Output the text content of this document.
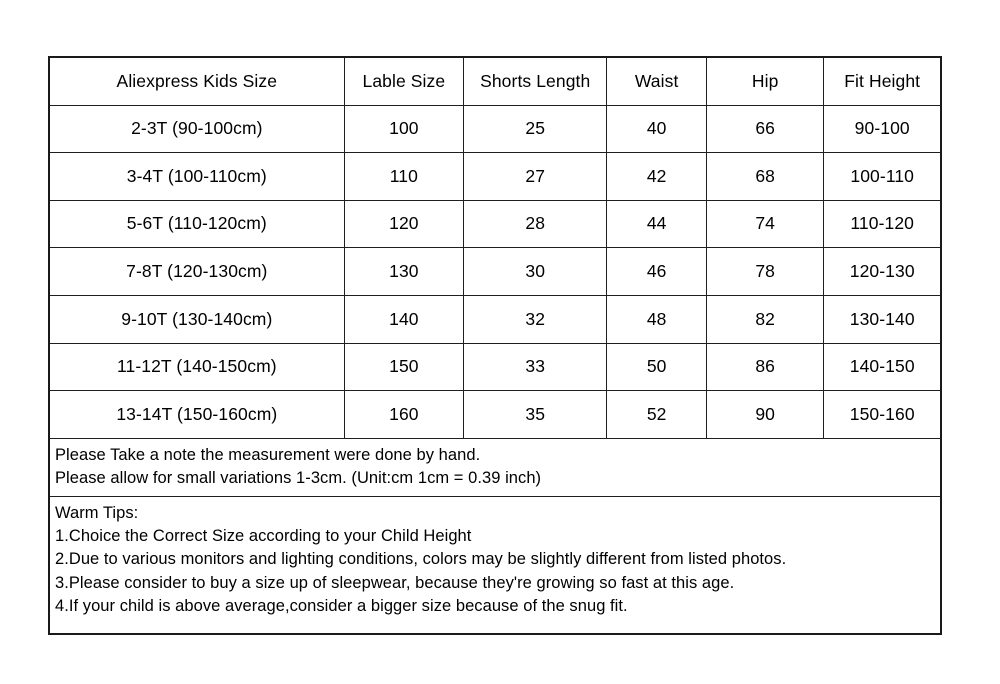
Aliexpress Kids Size	Lable Size	Shorts Length	Waist	Hip	Fit Height
2-3T (90-100cm)	100	25	40	66	90-100
3-4T (100-110cm)	110	27	42	68	100-110
5-6T (110-120cm)	120	28	44	74	110-120
7-8T (120-130cm)	130	30	46	78	120-130
9-10T (130-140cm)	140	32	48	82	130-140
11-12T (140-150cm)	150	33	50	86	140-150
13-14T (150-160cm)	160	35	52	90	150-160
Please Take a note the measurement were done by hand.
Please allow for small variations 1-3cm. (Unit:cm 1cm = 0.39 inch)
Warm Tips:
1.Choice the Correct Size according to your Child Height
2.Due to various monitors and lighting conditions, colors may be slightly different from listed photos.
3.Please consider to buy a size up of sleepwear, because they're growing so fast at this age.
4.If your child is above average,consider a bigger size because of the snug fit.
